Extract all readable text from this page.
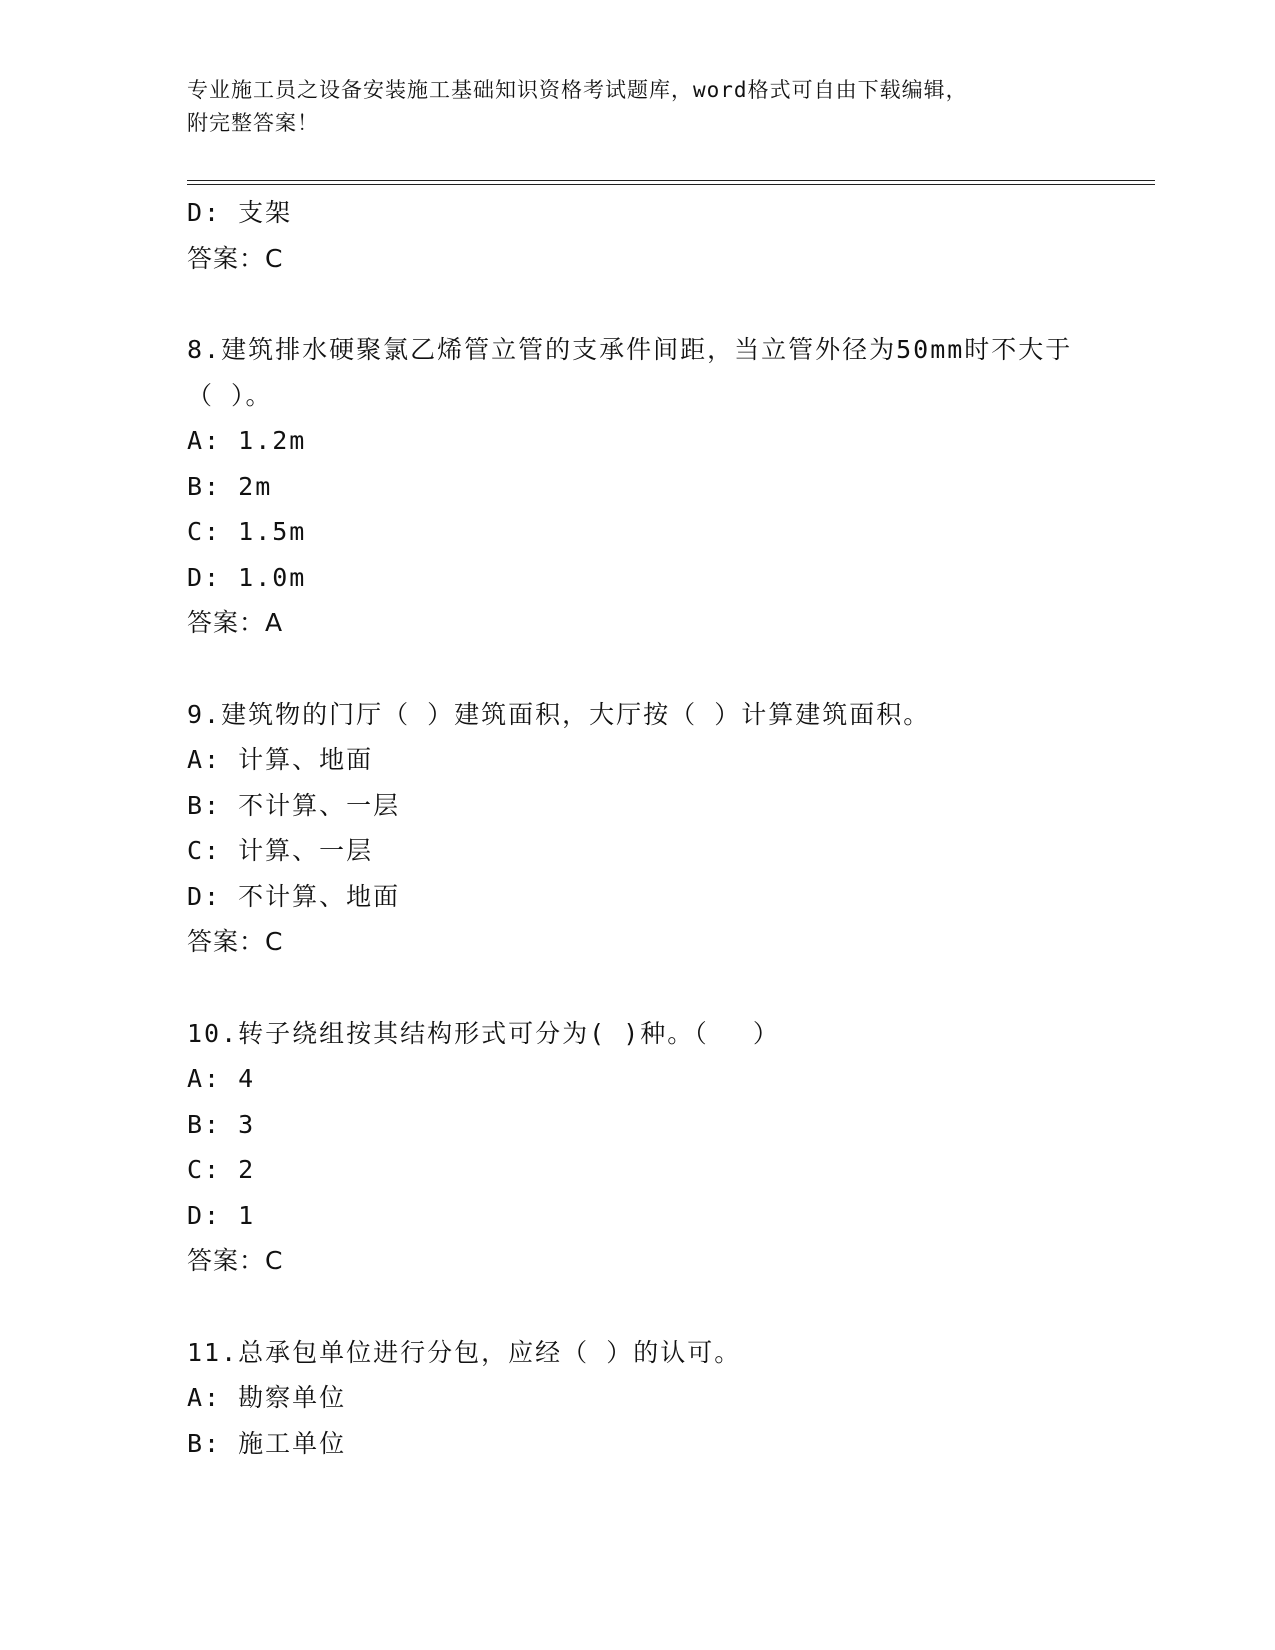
专业施工员之设备安装施工基础知识资格考试题库，word格式可自由下载编辑，
附完整答案！
D: 支架
答案：C
8.建筑排水硬聚氯乙烯管立管的支承件间距，当立管外径为50mm时不大于（ ）。
A: 1.2m
B: 2m
C: 1.5m
D: 1.0m
答案：A
9.建筑物的门厅（ ）建筑面积，大厅按（ ）计算建筑面积。
A: 计算、地面
B: 不计算、一层
C: 计算、一层
D: 不计算、地面
答案：C
10.转子绕组按其结构形式可分为( )种。（　 ）
A: 4
B: 3
C: 2
D: 1
答案：C
11.总承包单位进行分包，应经（ ）的认可。
A: 勘察单位
B: 施工单位
